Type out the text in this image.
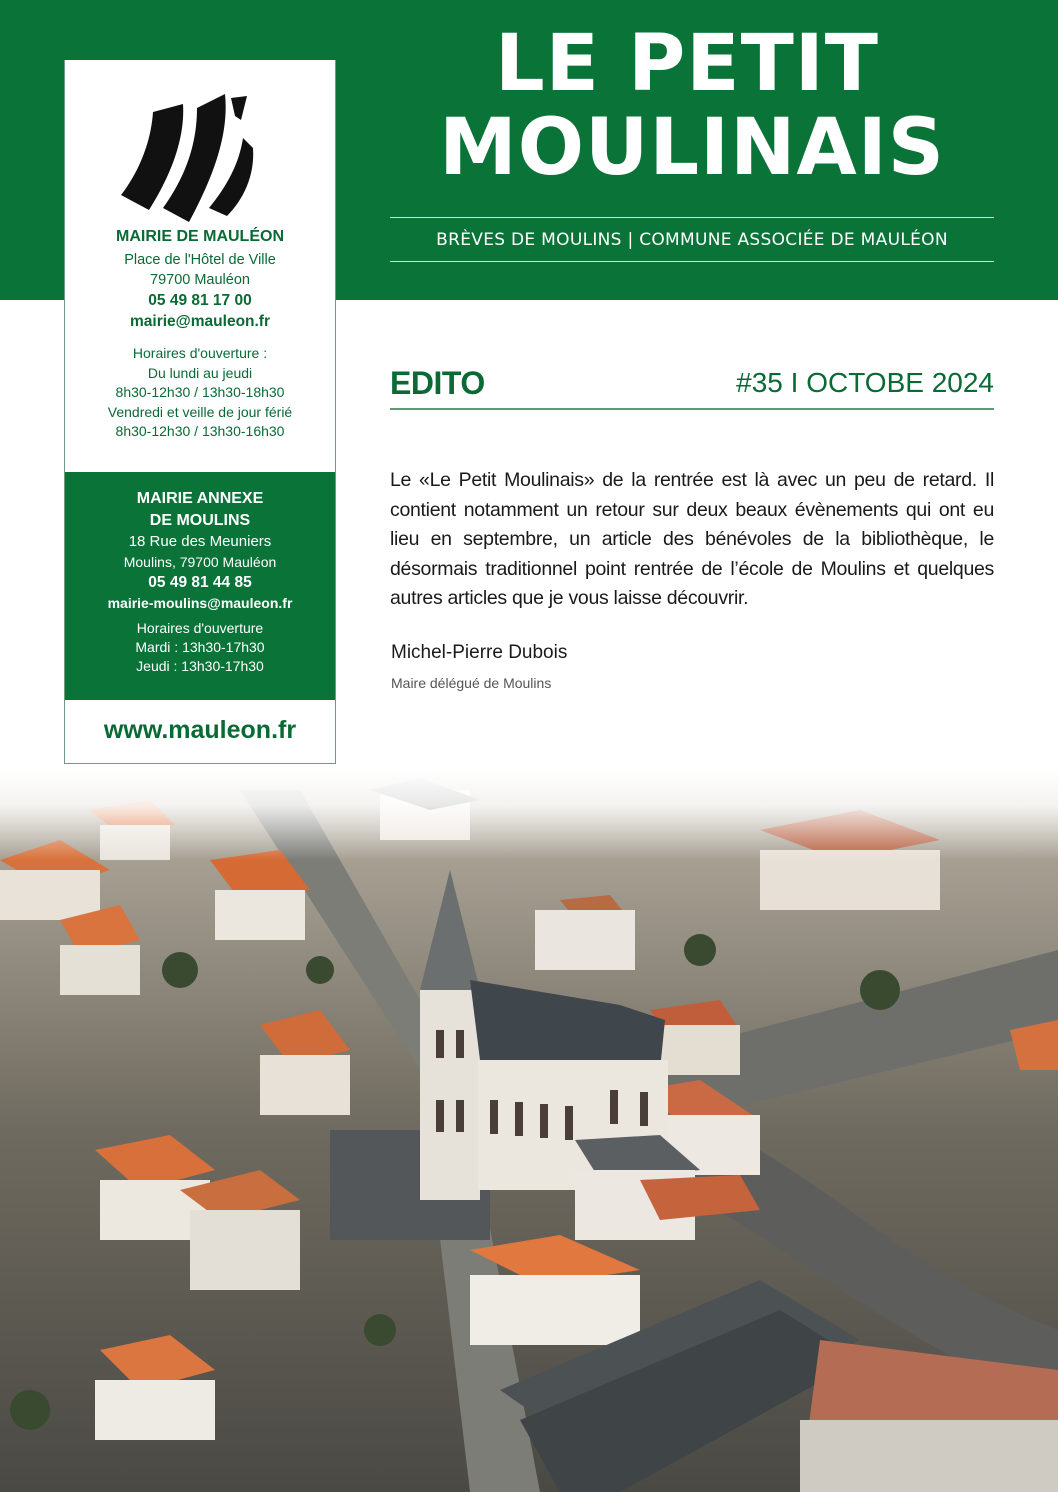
LE PETIT
MOULINAIS
BRÈVES DE MOULINS | COMMUNE ASSOCIÉE DE MAULÉON
MAIRIE DE MAULÉON
Place de l'Hôtel de Ville
79700 Mauléon
05 49 81 17 00
mairie@mauleon.fr
Horaires d'ouverture :
Du lundi au jeudi
8h30-12h30 / 13h30-18h30
Vendredi et veille de jour férié
8h30-12h30 / 13h30-16h30
MAIRIE ANNEXE
DE MOULINS
18 Rue des Meuniers
Moulins, 79700 Mauléon
05 49 81 44 85
mairie-moulins@mauleon.fr
Horaires d'ouverture
Mardi : 13h30-17h30
Jeudi : 13h30-17h30
www.mauleon.fr
EDITO	#35 I OCTOBE 2024

Le «Le Petit Moulinais» de la rentrée est là avec un peu de retard. Il contient notamment un retour sur deux beaux évènements qui ont eu lieu en septembre, un article des bénévoles de la bibliothèque, le désormais traditionnel point rentrée de l’école de Moulins et quelques autres articles que je vous laisse découvrir.

Michel-Pierre Dubois
Maire délégué de Moulins
